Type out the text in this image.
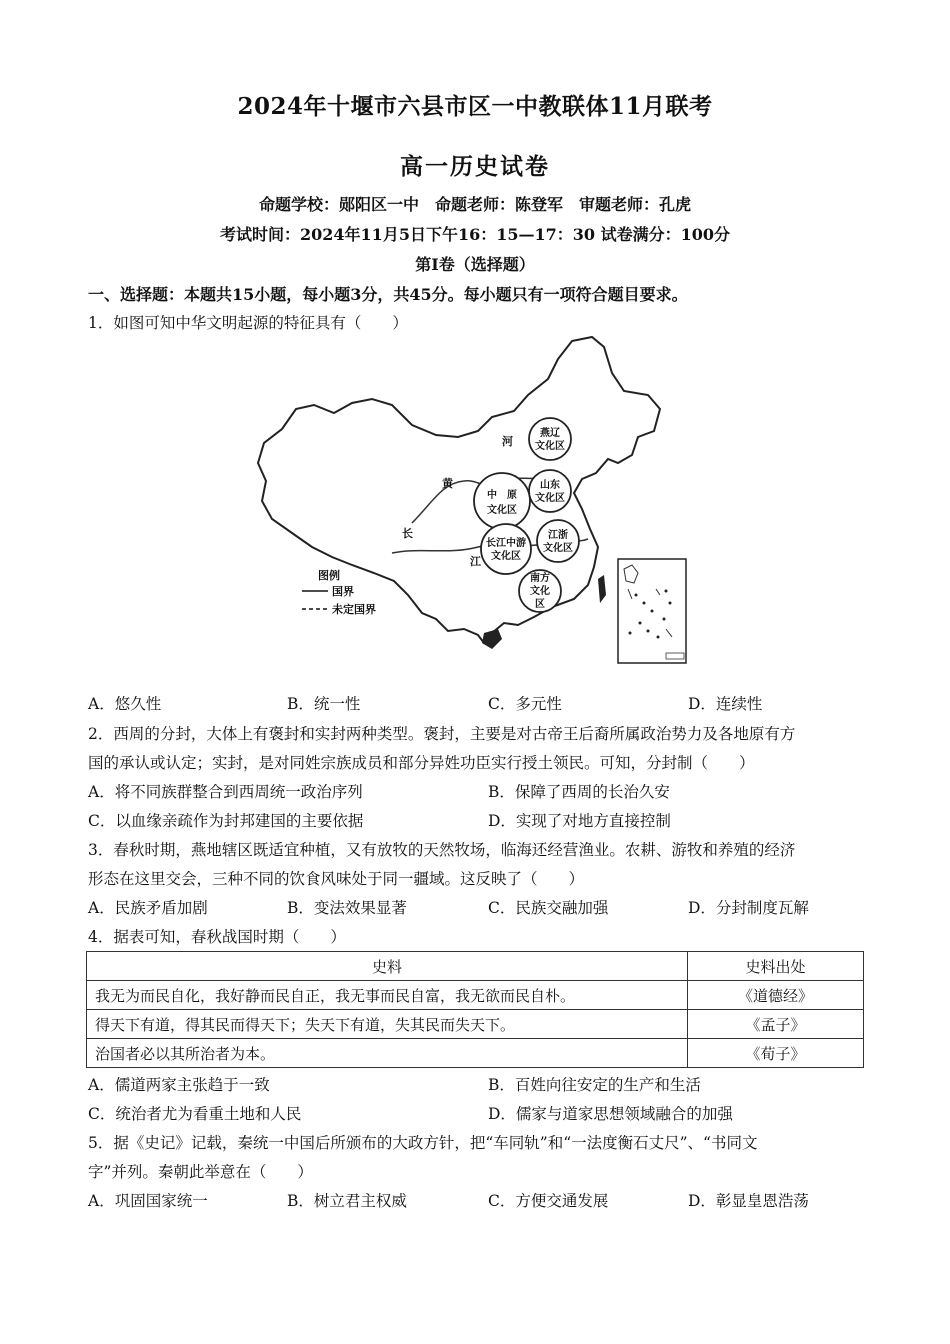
2024年十堰市六县市区一中教联体11月联考
高一历史试卷
命题学校：郧阳区一中　命题老师：陈登军　审题老师：孔虎
考试时间：2024年11月5日下午16：15—17：30 试卷满分：100分
第Ⅰ卷（选择题）
一、选择题：本题共15小题，每小题3分，共45分。每小题只有一项符合题目要求。
1．如图可知中华文明起源的特征具有（　　）
燕辽
文化区
中　原
文化区
山东
文化区
长江中游
文化区
江浙
文化区
南方
文化
区
河
黄
长
江
图例
国界
未定国界
A．悠久性	B．统一性	C．多元性	D．连续性
2．西周的分封，大体上有褒封和实封两种类型。褒封，主要是对古帝王后裔所属政治势力及各地原有方
国的承认或认定；实封，是对同姓宗族成员和部分异姓功臣实行授土领民。可知，分封制（　　）
A．将不同族群整合到西周统一政治序列	B．保障了西周的长治久安
C．以血缘亲疏作为封邦建国的主要依据	D．实现了对地方直接控制
3．春秋时期，燕地辖区既适宜种植，又有放牧的天然牧场，临海还经营渔业。农耕、游牧和养殖的经济
形态在这里交会，三种不同的饮食风味处于同一疆域。这反映了（　　）
A．民族矛盾加剧	B．变法效果显著	C．民族交融加强	D．分封制度瓦解
4．据表可知，春秋战国时期（　　）
史料	史料出处
我无为而民自化，我好静而民自正，我无事而民自富，我无欲而民自朴。	《道德经》
得天下有道，得其民而得天下；失天下有道，失其民而失天下。	《孟子》
治国者必以其所治者为本。	《荀子》
A．儒道两家主张趋于一致	B．百姓向往安定的生产和生活
C．统治者尤为看重土地和人民	D．儒家与道家思想领域融合的加强
5．据《史记》记载，秦统一中国后所颁布的大政方针，把“车同轨”和“一法度衡石丈尺”、“书同文
字”并列。秦朝此举意在（　　）
A．巩固国家统一	B．树立君主权威	C．方便交通发展	D．彰显皇恩浩荡
